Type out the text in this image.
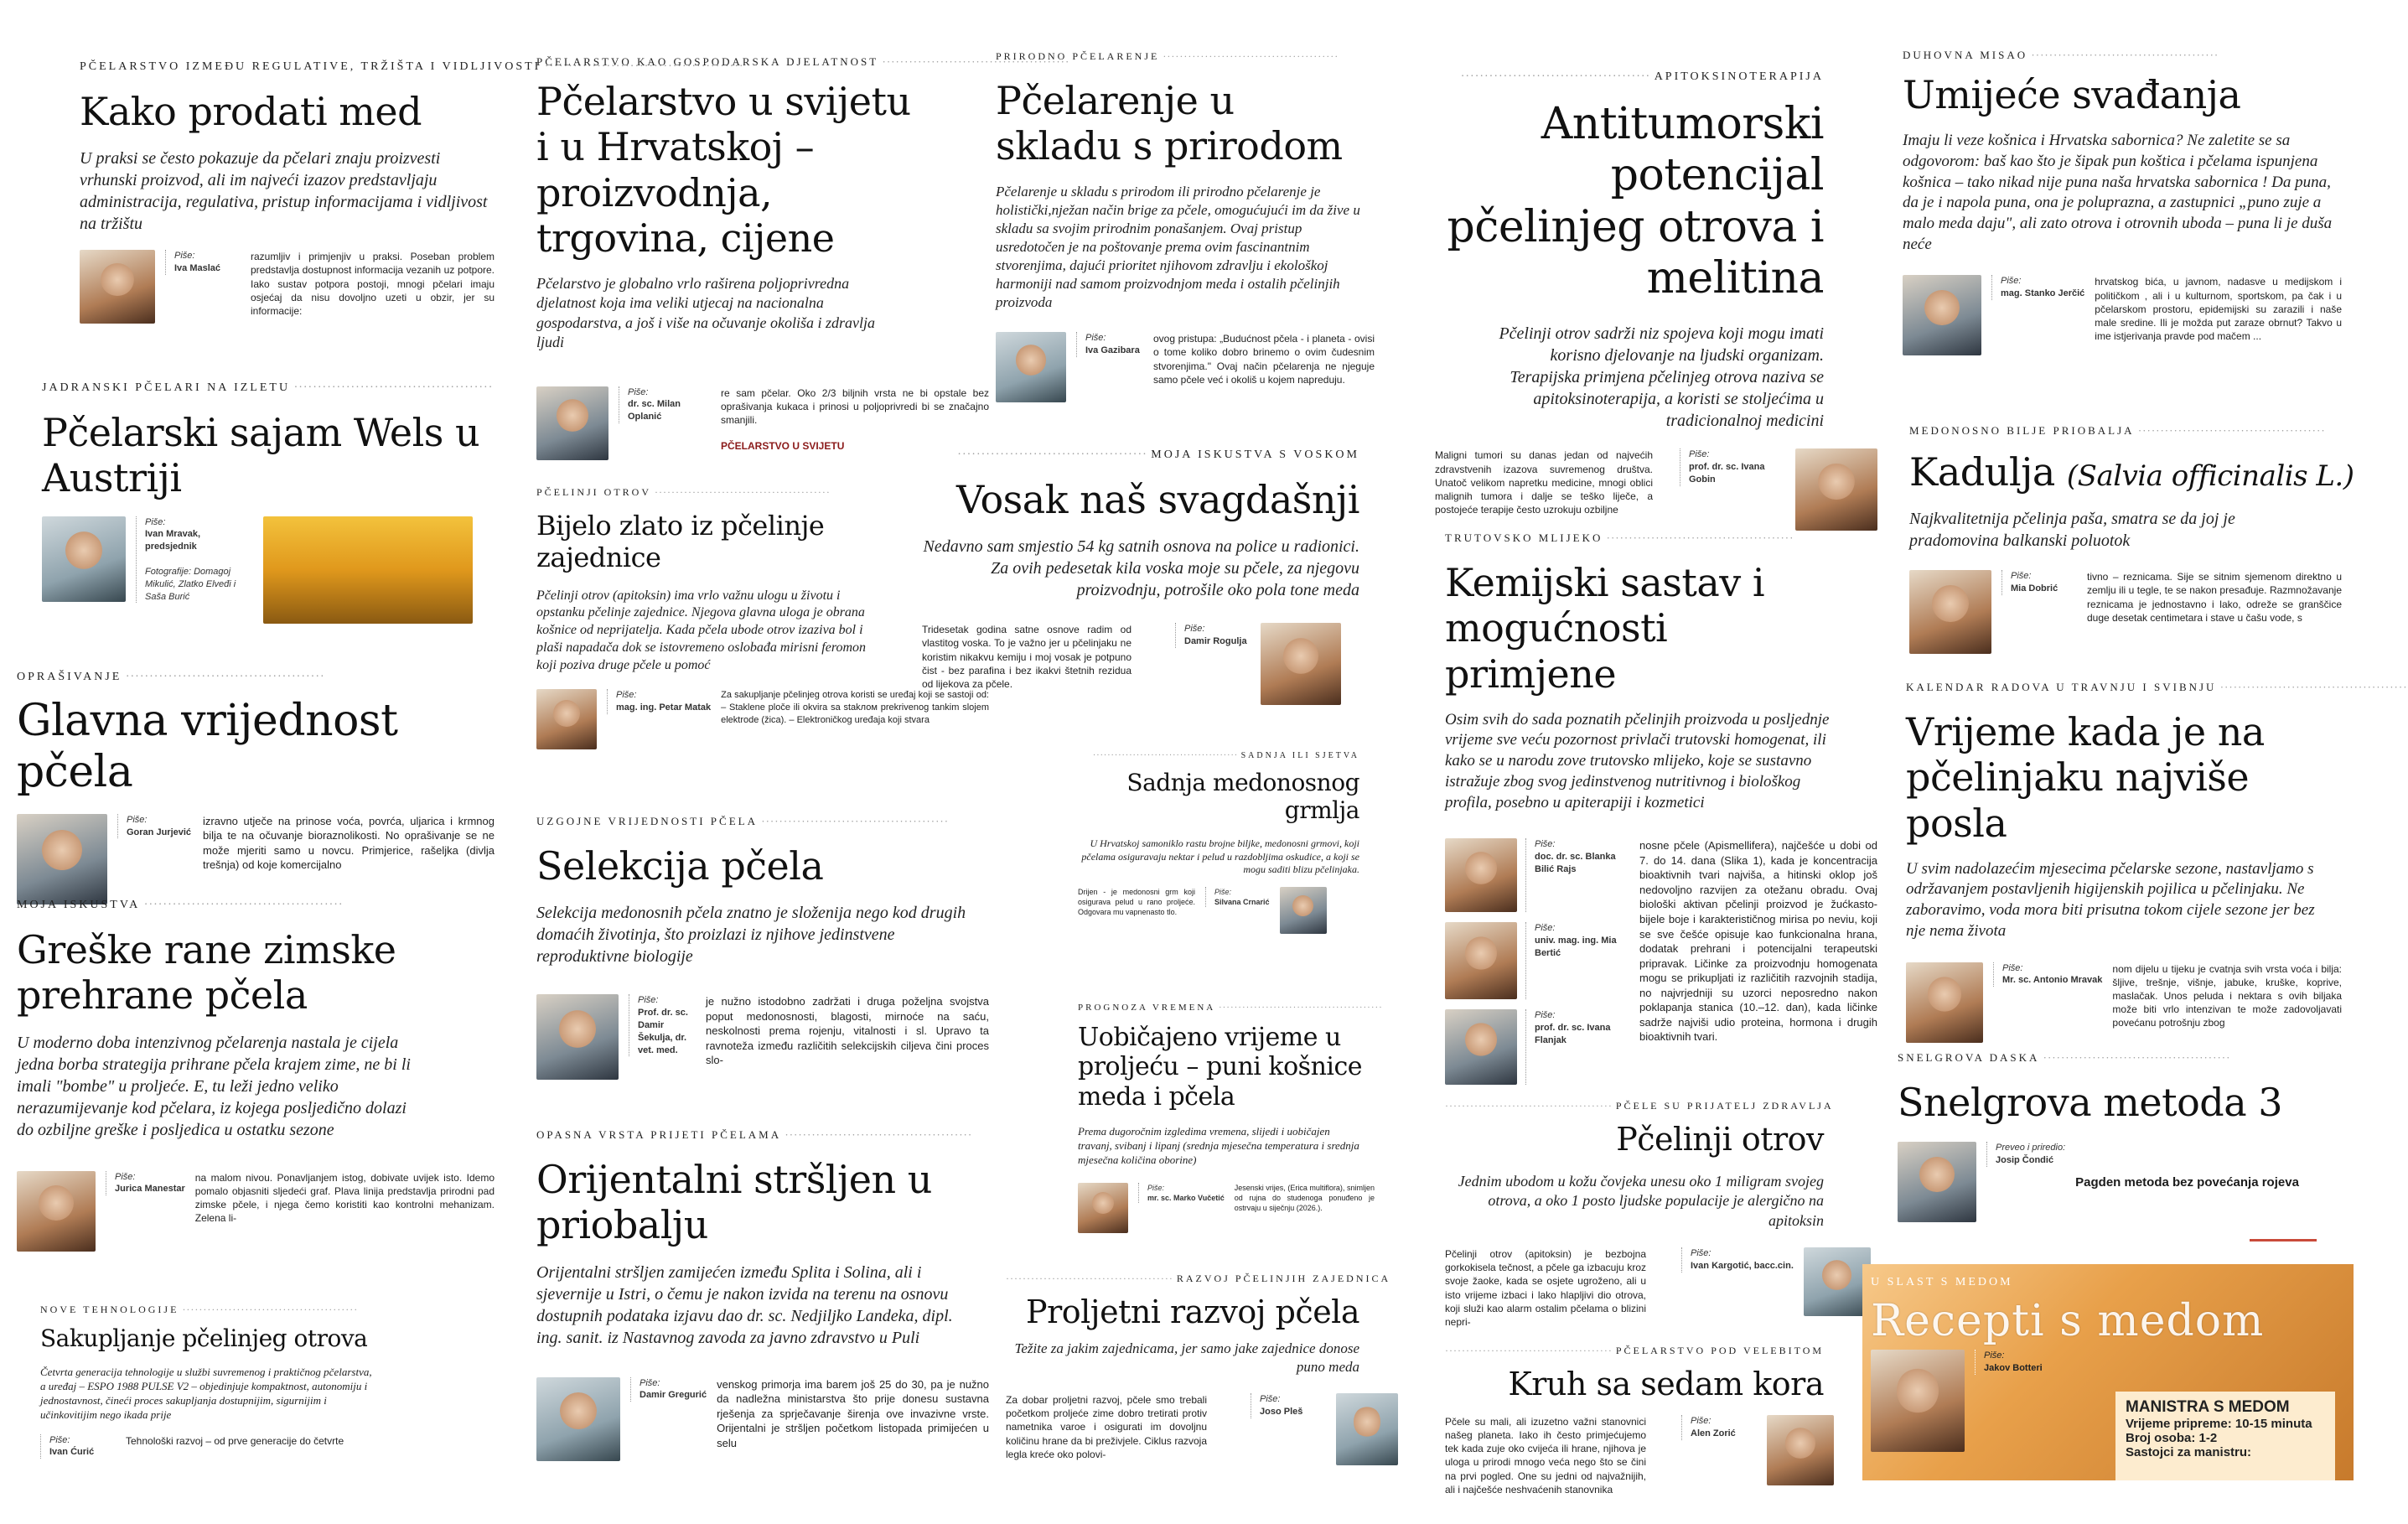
PČELARSTVO IZMEĐU REGULATIVE, TRŽIŠTA I VIDLJIVOSTI ·····
Kako prodati med
U praksi se često pokazuje da pčelari znaju proizvesti vrhunski proizvod, ali im najveći izazov predstavljaju administracija, regulativa, pristup informacijama i vidljivost na tržištu
Piše:
Iva Maslać
razumljiv i primjenjiv u praksi. Poseban problem predstavlja dostupnost informacija vezanih uz potpore. Iako sustav potpora postoji, mnogi pčelari imaju osjećaj da nisu dovoljno uzeti u obzir, jer su informacije:
JADRANSKI PČELARI NA IZLETU ·····
Pčelarski sajam Wels u Austriji
Piše:
Ivan Mravak, predsjednik

Fotografije: Domagoj Mikulić, Zlatko Elveđi i Saša Burić
OPRAŠIVANJE ·····
Glavna vrijednost pčela
Piše:
Goran Jurjević
izravno utječe na prinose voća, povrća, uljarica i krmnog bilja te na očuvanje bioraznolikosti. No oprašivanje se ne može mjeriti samo u novcu. Primjerice, rašeljka (divlja trešnja) od koje komercijalno
MOJA ISKUSTVA ·····
Greške rane zimske prehrane pčela
U moderno doba intenzivnog pčelarenja nastala je cijela jedna borba strategija prihrane pčela krajem zime, ne bi li imali "bombe" u proljeće. E, tu leži jedno veliko nerazumijevanje kod pčelara, iz kojega posljedično dolazi do ozbiljne greške i posljedica u ostatku sezone
Piše:
Jurica Manestar
na malom nivou. Ponavljanjem istog, dobivate uvijek isto. Idemo pomalo objasniti sljedeći graf. Plava linija predstavlja prirodni pad zimske pčele, i njega čemo koristiti kao kontrolni mehanizam. Zelena li-
NOVE TEHNOLOGIJE ·····
Sakupljanje pčelinjeg otrova
Četvrta generacija tehnologije u službi suvremenog i praktičnog pčelarstva, a uređaj – ESPO 1988 PULSE V2 – objedinjuje kompaktnost, autonomiju i jednostavnost, čineći proces sakupljanja dostupnijim, sigurnijim i učinkovitijim nego ikada prije
Piše:
Ivan Ćurić
Tehnološki razvoj – od prve generacije do četvrte
PČELARSTVO KAO GOSPODARSKA DJELATNOST ·····
Pčelarstvo u svijetu i u Hrvatskoj – proizvodnja, trgovina, cijene
Pčelarstvo je globalno vrlo raširena poljoprivredna djelatnost koja ima veliki utjecaj na nacionalna gospodarstva, a još i više na očuvanje okoliša i zdravlja ljudi
Piše:
dr. sc. Milan Oplanić
re sam pčelar. Oko 2/3 biljnih vrsta ne bi opstale bez oprašivanja kukaca i prinosi u poljoprivredi bi se značajno smanjili.
PČELARSTVO U SVIJETU
PČELINJI OTROV ·····
Bijelo zlato iz pčelinje zajednice
Pčelinji otrov (apitoksin) ima vrlo važnu ulogu u životu i opstanku pčelinje zajednice. Njegova glavna uloga je obrana košnice od neprijatelja. Kada pčela ubode otrov izaziva bol i plaši napadača dok se istovremeno oslobađa mirisni feromon koji poziva druge pčele u pomoć
Piše:
mag. ing. Petar Matak
Za sakupljanje pčelinjeg otrova koristi se uređaj koji se sastoji od: – Staklene ploče ili okvira sa stakлом prekrivenog tankim slojem elektrode (žica). – Elektroničkog uređaja koji stvara
UZGOJNE VRIJEDNOSTI PČELA ·····
Selekcija pčela
Selekcija medonosnih pčela znatno je složenija nego kod drugih domaćih životinja, što proizlazi iz njihove jedinstvene reproduktivne biologije
Piše:
Prof. dr. sc. Damir Šekulja, dr. vet. med.
je nužno istodobno zadržati i druga poželjna svojstva poput medonosnosti, blagosti, mirnoće na saću, neskolnosti prema rojenju, vitalnosti i sl. Upravo ta ravnoteža između različitih selekcijskih ciljeva čini proces slo-
OPASNA VRSTA PRIJETI PČELAMA ·····
Orijentalni stršljen u priobalju
Orijentalni stršljen zamijećen između Splita i Solina, ali i sjevernije u Istri, o čemu je nakon izvida na terenu na osnovu dostupnih podataka izjavu dao dr. sc. Nedjiljko Landeka, dipl. ing. sanit. iz Nastavnog zavoda za javno zdravstvo u Puli
Piše:
Damir Gregurić
venskog primorja ima barem još 25 do 30, pa je nužno da nadležna ministarstva što prije donesu sustavna rješenja za sprječavanje širenja ove invazivne vrste. Orijentalni je stršljen početkom listopada primijećen u selu
PRIRODNO PČELARENJE ·····
Pčelarenje u skladu s prirodom
Pčelarenje u skladu s prirodom ili prirodno pčelarenje je holistički,nježan način brige za pčele, omogućujući im da žive u skladu sa svojim prirodnim ponašanjem. Ovaj pristup usredotočen je na poštovanje prema ovim fascinantnim stvorenjima, dajući prioritet njihovom zdravlju i ekološkoj harmoniji nad samom proizvodnjom meda i ostalih pčelinjih proizvoda
Piše:
Iva Gazibara
ovog pristupa: „Budućnost pčela - i planeta - ovisi o tome koliko dobro brinemo o ovim čudesnim stvorenjima." Ovaj način pčelarenja ne njeguje samo pčele već i okoliš u kojem napreduju.
····· MOJA ISKUSTVA S VOSKOM
Vosak naš svagdašnji
Nedavno sam smjestio 54 kg satnih osnova na police u radionici. Za ovih pedesetak kila voska moje su pčele, za njegovu proizvodnju, potrošile oko pola tone meda
Tridesetak godina satne osnove radim od vlastitog voska. To je važno jer u pčelinjaku ne koristim nikakvu kemiju i moj vosak je potpuno čist - bez parafina i bez ikakvi štetnih rezidua od lijekova za pčele.
Piše:
Damir Roguljа
····· SADNJA ILI SJETVA
Sadnja medonosnog grmlja
U Hrvatskoj samoniklo rastu brojne biljke, medonosni grmovi, koji pčelama osiguravaju nektar i pelud u razdobljima oskudice, a koji se mogu saditi blizu pčelinjaka.
Drijen - je medonosni grm koji osigurava pelud u rano proljeće. Odgovara mu vapnenasto tlo.
Piše:
Silvana Crnarić
PROGNOZA VREMENA ·····
Uobičajeno vrijeme u proljeću – puni košnice meda i pčela
Prema dugoročnim izgledima vremena, slijedi i uobičajen travanj, svibanj i lipanj (srednja mjesečna temperatura i srednja mjesečna količina oborine)
Piše:
mr. sc. Marko Vučetić
Jesenski vrijes, (Erica multiflora), snimljen od rujna do studenoga ponuđeno je ostrvaju u siječnju (2026.).
····· RAZVOJ PČELINJIH ZAJEDNICA
Proljetni razvoj pčela
Težite za jakim zajednicama, jer samo jake zajednice donose puno meda
Za dobar proljetni razvoj, pčele smo trebali početkom proljeće zime dobro tretirati protiv nametnika varoe i osigurati im dovoljnu količinu hrane da bi preživjele. Ciklus razvoja legla kreće oko polovi-
Piše:
Joso Pleš
····· APITOKSINOTERAPIJA
Antitumorski potencijal pčelinjeg otrova i melitina
Pčelinji otrov sadrži niz spojeva koji mogu imati korisno djelovanje na ljudski organizam. Terapijska primjena pčelinjeg otrova naziva se apitoksinoterapija, a koristi se stoljećima u tradicionalnoj medicini
Maligni tumori su danas jedan od najvećih zdravstvenih izazova suvremenog društva. Unatoč velikom napretku medicine, mnogi oblici malignih tumora i dalje se teško liječe, a postojeće terapije često uzrokuju ozbiljne
Piše:
prof. dr. sc. Ivana Gobin
TRUTOVSKO MLIJEKO ·····
Kemijski sastav i mogućnosti primjene
Osim svih do sada poznatih pčelinjih proizvoda u posljednje vrijeme sve veću pozornost privlači trutovski homogenat, ili kako se u narodu zove trutovsko mlijeko, koje se sustavno istražuje zbog svog jedinstvenog nutritivnog i biološkog profila, posebno u apiterapiji i kozmetici
Piše:
doc. dr. sc. Blanka Bilić Rajs
Piše:
univ. mag. ing. Mia Bertić
Piše:
prof. dr. sc. Ivana Flanjak
nosne pčele (Apismellifera), najčešće u dobi od 7. do 14. dana (Slika 1), kada je koncentracija bioaktivnih tvari najviša, a hitinski oklop još nedovoljno razvijen za otežanu obradu. Ovaj biološki aktivan pčelinji proizvod je žućkasto-bijele boje i karakterističnog mirisa po neviu, koji se sve češće opisuje kao funkcionalna hrana, dodatak prehrani i potencijalni terapeutski pripravak. Ličinke za proizvodnju homogenata mogu se prikupljati iz različitih razvojnih stadija, no najvrjedniji su uzorci neposredno nakon poklapanja stanica (10.–12. dan), kada ličinke sadrže najviši udio proteina, hormona i drugih bioaktivnih tvari.
····· PČELE SU PRIJATELJ ZDRAVLJA
Pčelinji otrov
Jednim ubodom u kožu čovjeka unesu oko 1 miligram svojeg otrova, a oko 1 posto ljudske populacije je alergično na apitoksin
Pčelinji otrov (apitoksin) je bezbojna gorkokisela tečnost, a pčele ga izbacuju kroz svoje žaoke, kada se osjete ugroženo, ali u isto vrijeme izbaci i lako hlapljivi dio otrova, koji služi kao alarm ostalim pčelama o blizini nepri-
Piše:
Ivan Kargotić, bacc.cin.
····· PČELARSTVO POD VELEBITOM
Kruh sa sedam kora
Pčele su mali, ali izuzetno važni stanovnici našeg planeta. Iako ih često primjećujemo tek kada zuje oko cvijeća ili hrane, njihova je uloga u prirodi mnogo veća nego što se čini na prvi pogled. One su jedni od najvažnijih, ali i najčešće neshvaćenih stanovnika
Piše:
Alen Zorić
DUHOVNA MISAO ·····
Umijeće svađanja
Imaju li veze košnica i Hrvatska sabornica? Ne zaletite se sa odgovorom: baš kao što je šipak pun koštica i pčelama ispunjena košnica – tako nikad nije puna naša hrvatska sabornica ! Da puna, da je i napola puna, ona je poluprazna, a zastupnici „puno zuje a malo meda daju", ali zato otrova i otrovnih uboda – puna li je duša neće
Piše:
mag. Stanko Jerčić
hrvatskog bića, u javnom, nadasve u medijskom i političkom , ali i u kulturnom, sportskom, pa čak i u pčelarskom prostoru, epidemijski su zarazili i naše male sredine. Ili je možda put zaraze obrnut? Takvo u ime istjerivanja pravde pod mačem ...
MEDONOSNO BILJE PRIOBALJA ·····
Kadulja (Salvia officinalis L.)
Najkvalitetnija pčelinja paša, smatra se da joj je pradomovina balkanski poluotok
Piše:
Mia Dobrić
tivno – reznicama. Sije se sitnim sjemenom direktno u zemlju ili u tegle, te se nakon presađuje. Razmnožavanje reznicama je jednostavno i lako, odreže se granščice duge desetak centimetara i stave u čašu vode, s
KALENDAR RADOVA U TRAVNJU I SVIBNJU ·····
Vrijeme kada je na pčelinjaku najviše posla
U svim nadolazećim mjesecima pčelarske sezone, nastavljamo s održavanjem postavljenih higijenskih pojilica u pčelinjaku. Ne zaboravimo, voda mora biti prisutna tokom cijele sezone jer bez nje nema života
Piše:
Mr. sc. Antonio Mravak
nom dijelu u tijeku je cvatnja svih vrsta voća i bilja: šljive, trešnje, višnje, jabuke, kruške, koprive, maslačak. Unos peluda i nektara s ovih biljaka može biti vrlo intenzivan te može zadovoljavati povećanu potrošnju zbog
SNELGROVA DASKA ·····
Snelgrova metoda 3
Preveo i priredio:
Josip Čondić
Pagden metoda bez povećanja rojeva
U SLAST S MEDOM
Recepti s medom
Piše:
Jakov Botteri
MANISTRA S MEDOM
Vrijeme pripreme: 10-15 minuta
Broj osoba: 1-2
Sastojci za manistru:
